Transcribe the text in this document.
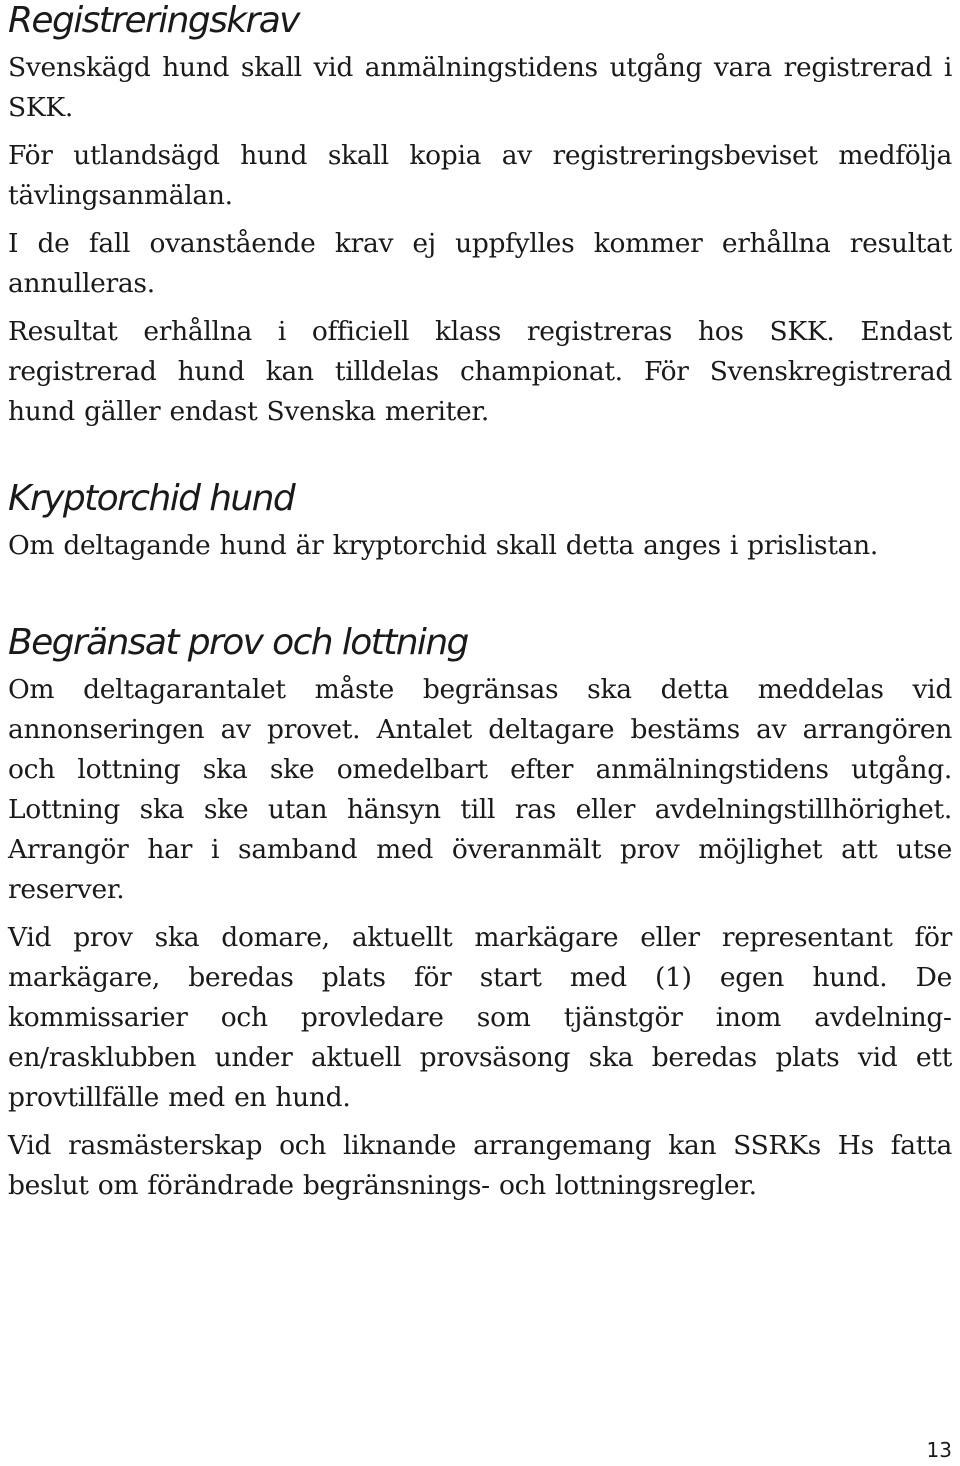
Registreringskrav

Svenskägd hund skall vid anmälningstidens utgång vara registrerad i SKK.

För utlandsägd hund skall kopia av registreringsbeviset medfölja tävlingsanmälan.

I de fall ovanstående krav ej uppfylles kommer erhållna resultat annulleras.

Resultat erhållna i officiell klass registreras hos SKK. Endast registrerad hund kan tilldelas championat. För Svenskregistrerad hund gäller endast Svenska meriter.

Kryptorchid hund

Om deltagande hund är kryptorchid skall detta anges i prislistan.

Begränsat prov och lottning

Om deltagarantalet måste begränsas ska detta meddelas vid annonseringen av provet. Antalet deltagare bestäms av arrangören och lottning ska ske omedelbart efter anmälningstidens utgång. Lottning ska ske utan hänsyn till ras eller avdelningstillhörighet. Arrangör har i samband med överanmält prov möjlighet att utse reserver.

Vid prov ska domare, aktuellt markägare eller representant för markägare, beredas plats för start med (1) egen hund. De kommissarier och provledare som tjänstgör inom avdelningen/rasklubben under aktuell provsäsong ska beredas plats vid ett provtillfälle med en hund.

Vid rasmästerskap och liknande arrangemang kan SSRKs Hs fatta beslut om förändrade begränsnings- och lottningsregler.

13
